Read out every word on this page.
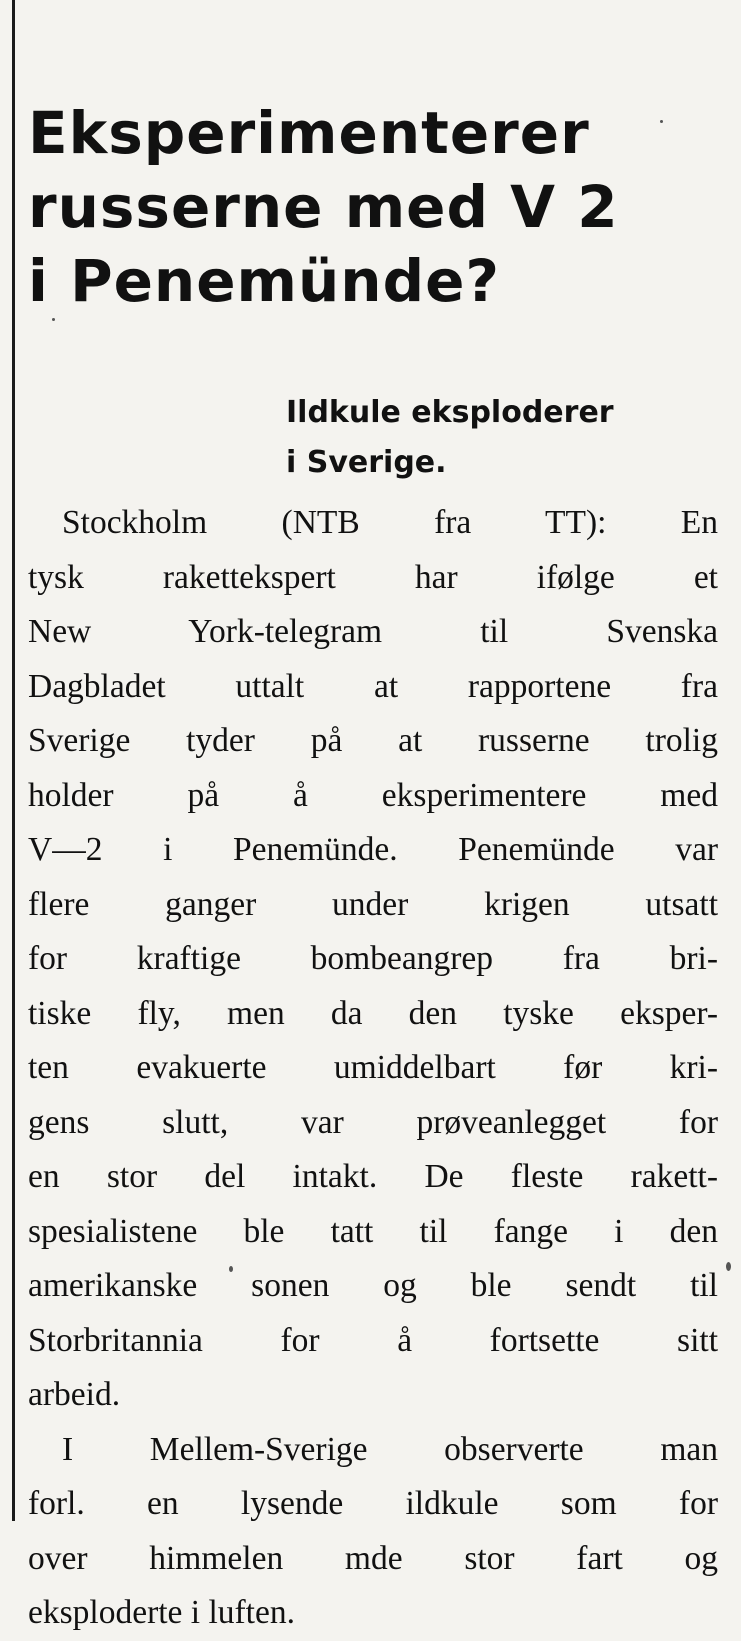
Eksperimenterer
russerne med V 2
i Penemünde?

Ildkule eksploderer
i Sverige.

Stockholm (NTB fra TT): En
tysk rakettekspert har ifølge et
New York-telegram til Svenska
Dagbladet uttalt at rapportene fra
Sverige tyder på at russerne trolig
holder på å eksperimentere med
V—2 i Penemünde. Penemünde var
flere ganger under krigen utsatt
for kraftige bombeangrep fra bri-
tiske fly, men da den tyske eksper-
ten evakuerte umiddelbart før kri-
gens slutt, var prøveanlegget for
en stor del intakt. De fleste rakett-
spesialistene ble tatt til fange i den
amerikanske sonen og ble sendt til
Storbritannia for å fortsette sitt
arbeid.

I Mellem-Sverige observerte man
forl. en lysende ildkule som for
over himmelen mde stor fart og
eksploderte i luften.
